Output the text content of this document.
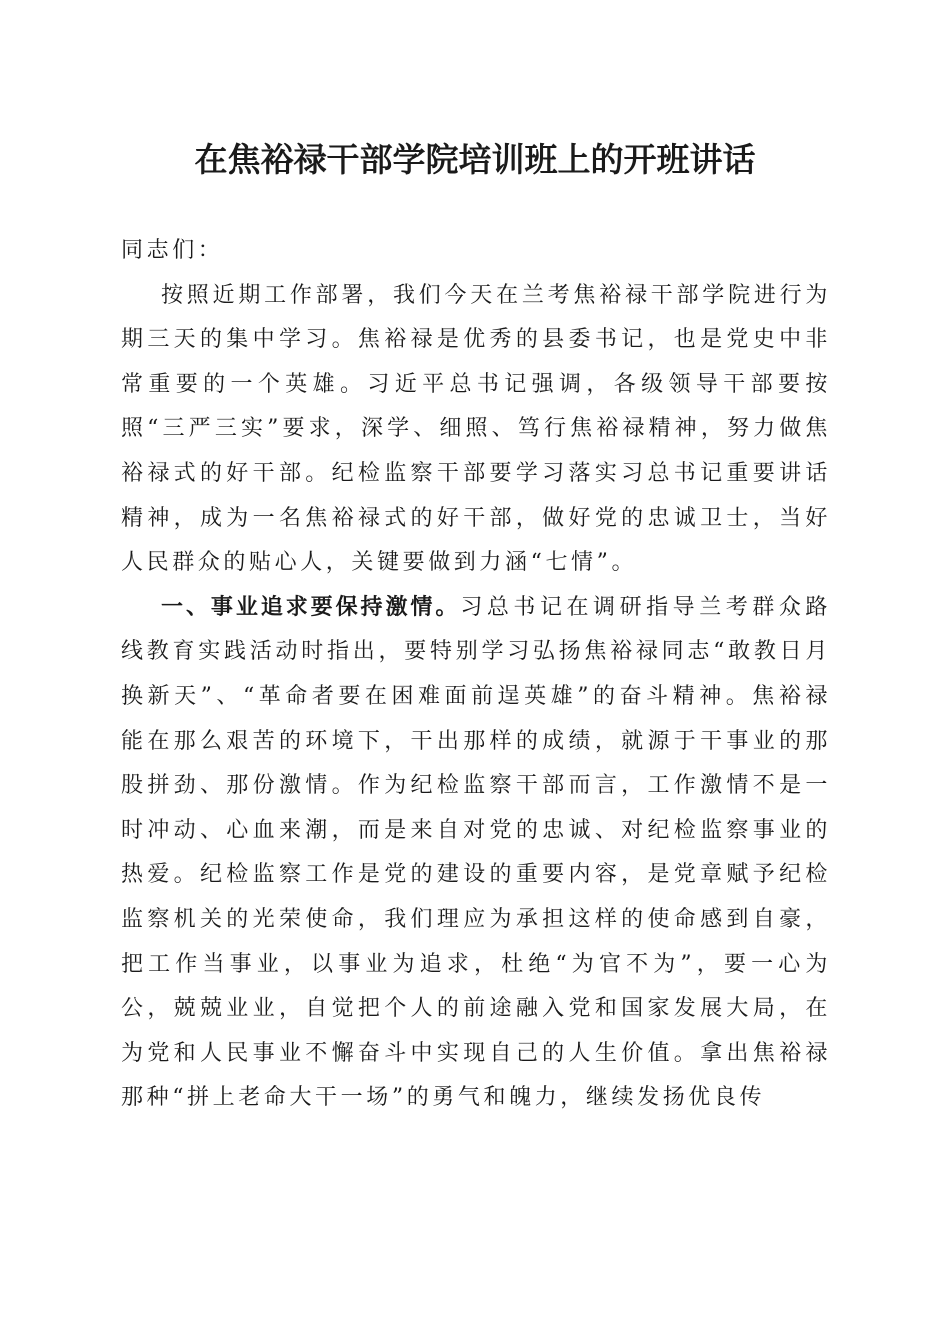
在焦裕禄干部学院培训班上的开班讲话

同志们：

按照近期工作部署，我们今天在兰考焦裕禄干部学院进行为期三天的集中学习。焦裕禄是优秀的县委书记，也是党史中非常重要的一个英雄。习近平总书记强调，各级领导干部要按照“三严三实”要求，深学、细照、笃行焦裕禄精神，努力做焦裕禄式的好干部。纪检监察干部要学习落实习总书记重要讲话精神，成为一名焦裕禄式的好干部，做好党的忠诚卫士，当好人民群众的贴心人，关键要做到力涵“七情”。

一、事业追求要保持激情。习总书记在调研指导兰考群众路线教育实践活动时指出，要特别学习弘扬焦裕禄同志“敢教日月换新天”、“革命者要在困难面前逞英雄”的奋斗精神。焦裕禄能在那么艰苦的环境下，干出那样的成绩，就源于干事业的那股拼劲、那份激情。作为纪检监察干部而言，工作激情不是一时冲动、心血来潮，而是来自对党的忠诚、对纪检监察事业的热爱。纪检监察工作是党的建设的重要内容，是党章赋予纪检监察机关的光荣使命，我们理应为承担这样的使命感到自豪，把工作当事业，以事业为追求，杜绝“为官不为”，要一心为公，兢兢业业，自觉把个人的前途融入党和国家发展大局，在为党和人民事业不懈奋斗中实现自己的人生价值。拿出焦裕禄那种“拼上老命大干一场”的勇气和魄力，继续发扬优良传
